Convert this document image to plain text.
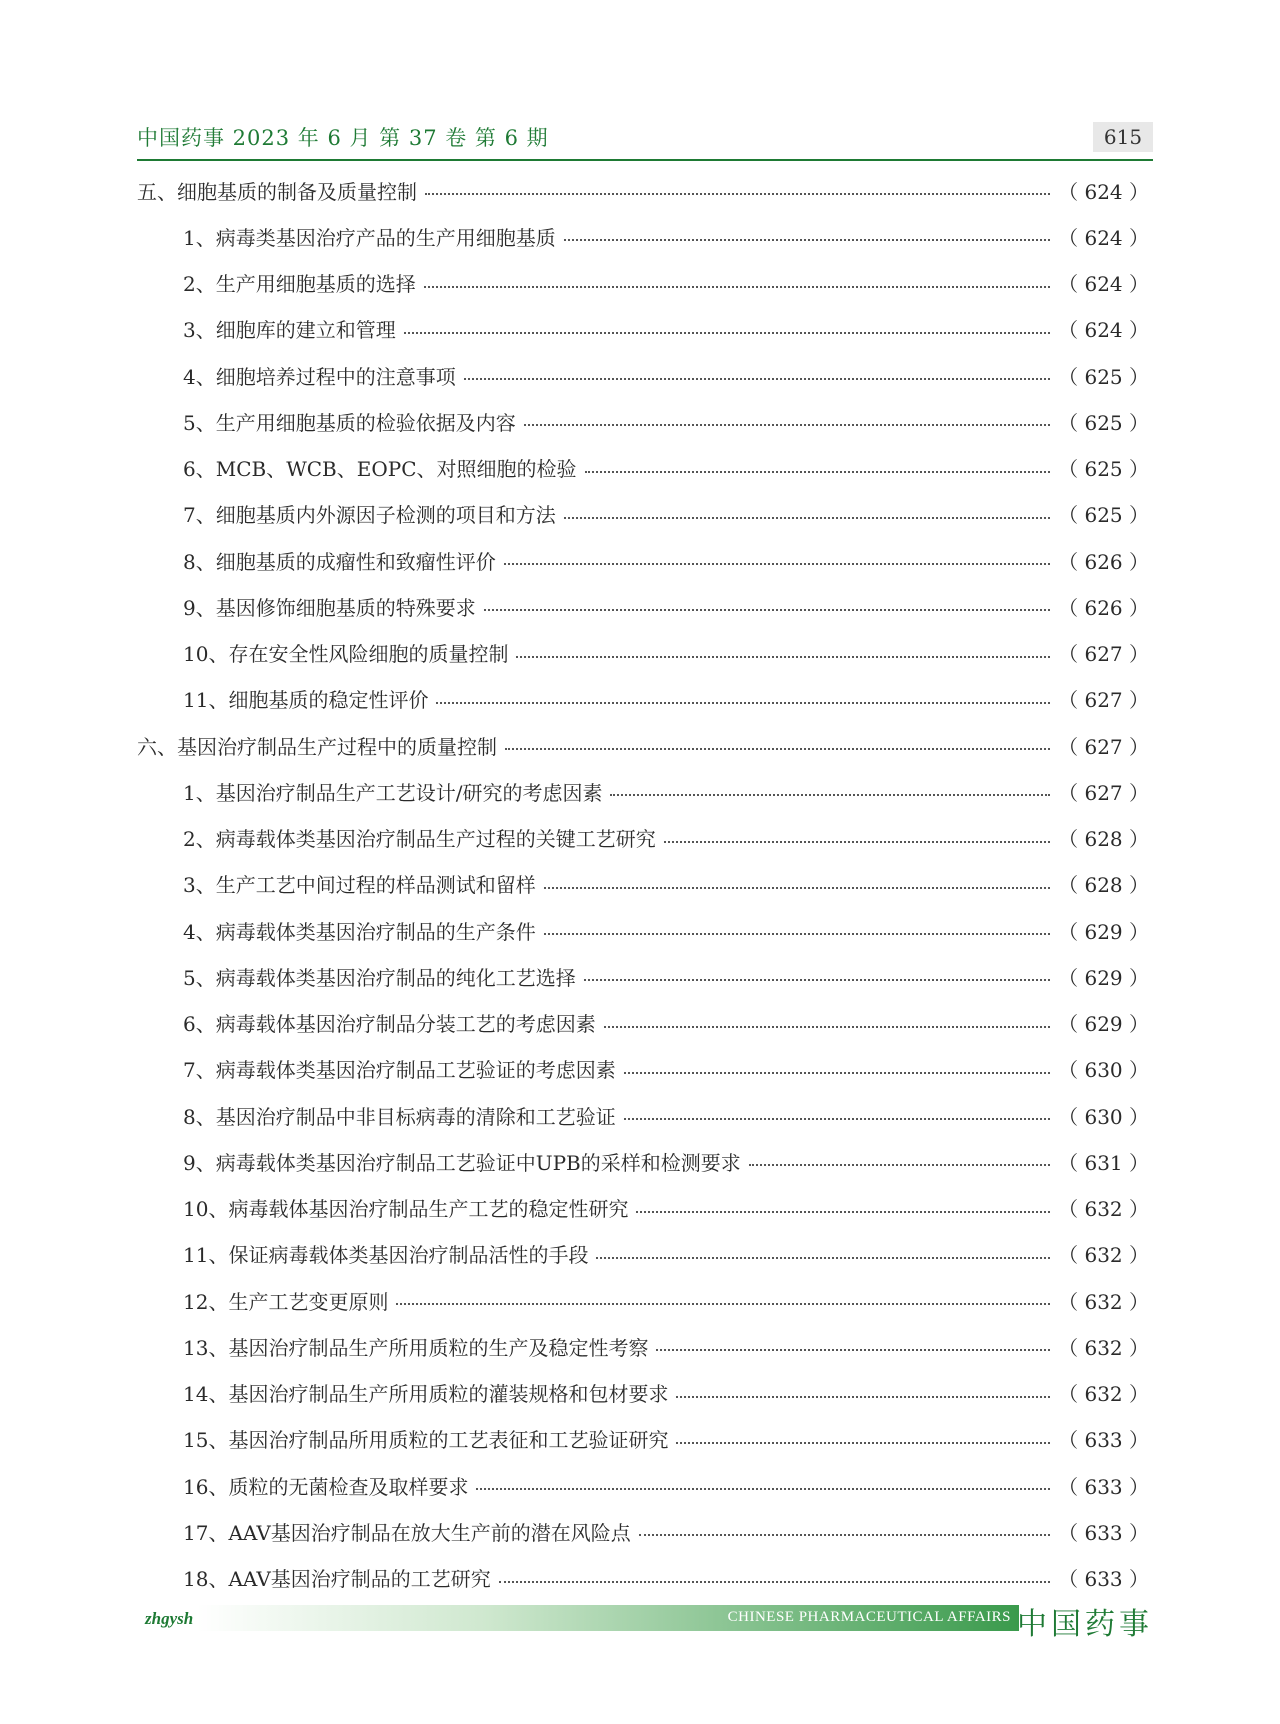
中国药事 2023 年 6 月 第 37 卷 第 6 期	615
五、细胞基质的制备及质量控制	（ 624 ）
1、病毒类基因治疗产品的生产用细胞基质	（ 624 ）
2、生产用细胞基质的选择	（ 624 ）
3、细胞库的建立和管理	（ 624 ）
4、细胞培养过程中的注意事项	（ 625 ）
5、生产用细胞基质的检验依据及内容	（ 625 ）
6、MCB、WCB、EOPC、对照细胞的检验	（ 625 ）
7、细胞基质内外源因子检测的项目和方法	（ 625 ）
8、细胞基质的成瘤性和致瘤性评价	（ 626 ）
9、基因修饰细胞基质的特殊要求	（ 626 ）
10、存在安全性风险细胞的质量控制	（ 627 ）
11、细胞基质的稳定性评价	（ 627 ）
六、基因治疗制品生产过程中的质量控制	（ 627 ）
1、基因治疗制品生产工艺设计/研究的考虑因素	（ 627 ）
2、病毒载体类基因治疗制品生产过程的关键工艺研究	（ 628 ）
3、生产工艺中间过程的样品测试和留样	（ 628 ）
4、病毒载体类基因治疗制品的生产条件	（ 629 ）
5、病毒载体类基因治疗制品的纯化工艺选择	（ 629 ）
6、病毒载体基因治疗制品分装工艺的考虑因素	（ 629 ）
7、病毒载体类基因治疗制品工艺验证的考虑因素	（ 630 ）
8、基因治疗制品中非目标病毒的清除和工艺验证	（ 630 ）
9、病毒载体类基因治疗制品工艺验证中UPB的采样和检测要求	（ 631 ）
10、病毒载体基因治疗制品生产工艺的稳定性研究	（ 632 ）
11、保证病毒载体类基因治疗制品活性的手段	（ 632 ）
12、生产工艺变更原则	（ 632 ）
13、基因治疗制品生产所用质粒的生产及稳定性考察	（ 632 ）
14、基因治疗制品生产所用质粒的灌装规格和包材要求	（ 632 ）
15、基因治疗制品所用质粒的工艺表征和工艺验证研究	（ 633 ）
16、质粒的无菌检查及取样要求	（ 633 ）
17、AAV基因治疗制品在放大生产前的潜在风险点	（ 633 ）
18、AAV基因治疗制品的工艺研究	（ 633 ）
CHINESE PHARMACEUTICAL AFFAIRS
zhgysh	中国药事
